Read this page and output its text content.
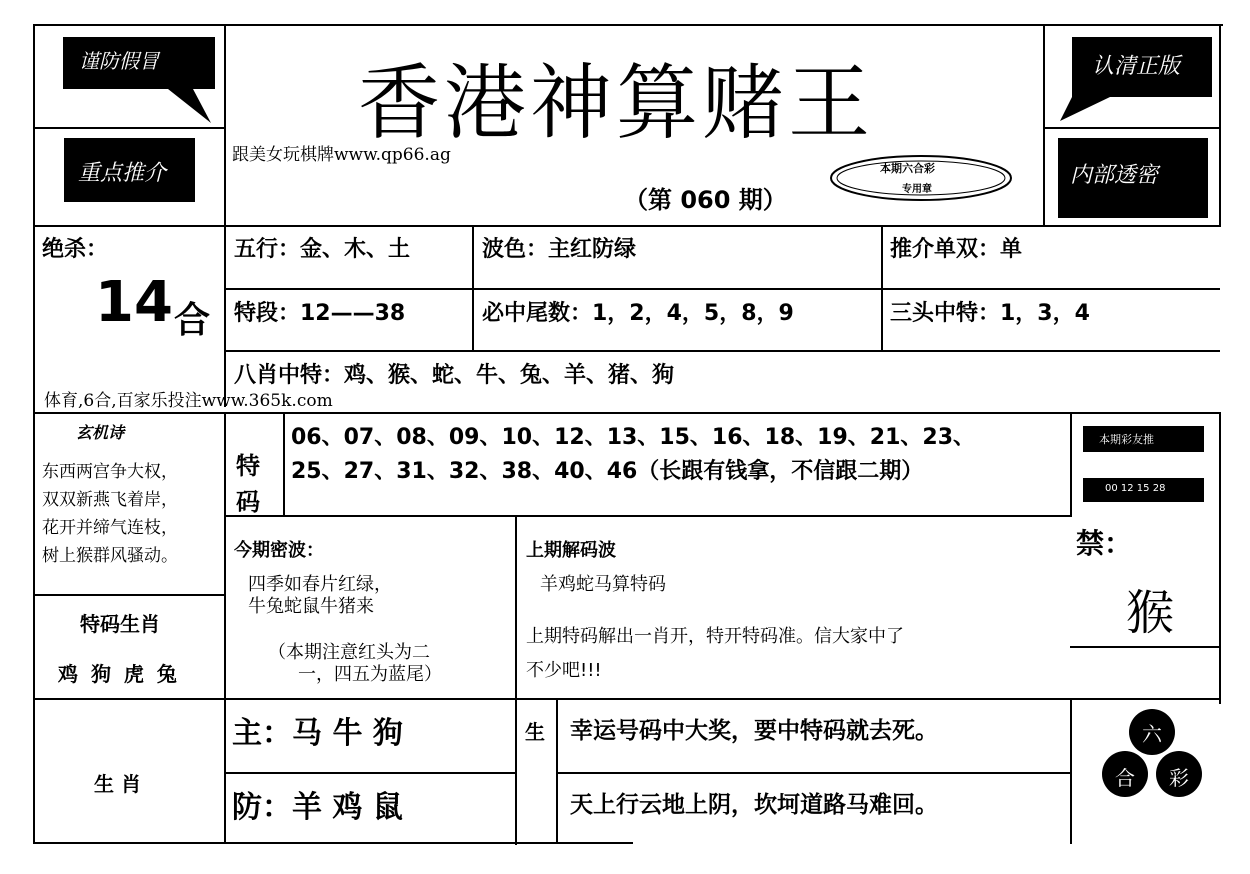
谨防假冒	认清正版
重点推介	内部透密
香港神算赌王
跟美女玩棋牌www.qp66.ag
（第 060 期）
本期六合彩
专用章
绝杀：
14 合
五行：金、木、土	波色：主红防绿	推介单双：单
特段：12——38	必中尾数：1，2，4，5，8，9	三头中特：1，3，4
八肖中特：鸡、猴、蛇、牛、兔、羊、猪、狗
体育,6合,百家乐投注www.365k.com
玄机诗
东西两宫争大权，
双双新燕飞着岸，
花开并缔气连枝，
树上猴群风骚动。
特
码
06、07、08、09、10、12、13、15、16、18、19、21、23、
25、27、31、32、38、40、46（长跟有钱拿，不信跟二期）
本期彩友推
00 12 15 28
禁：
猴
今期密波：
四季如春片红绿，
牛兔蛇鼠牛猪来
（本期注意红头为二
一，四五为蓝尾）
上期解码波
羊鸡蛇马算特码
上期特码解出一肖开，特开特码准。信大家中了
不少吧!!!
特码生肖
鸡 狗 虎 兔
生 肖
主：马 牛 狗
防：羊 鸡 鼠
生 幸运号码中大奖，要中特码就去死。
天上行云地上阴，坎坷道路马难回。
六
合 彩
